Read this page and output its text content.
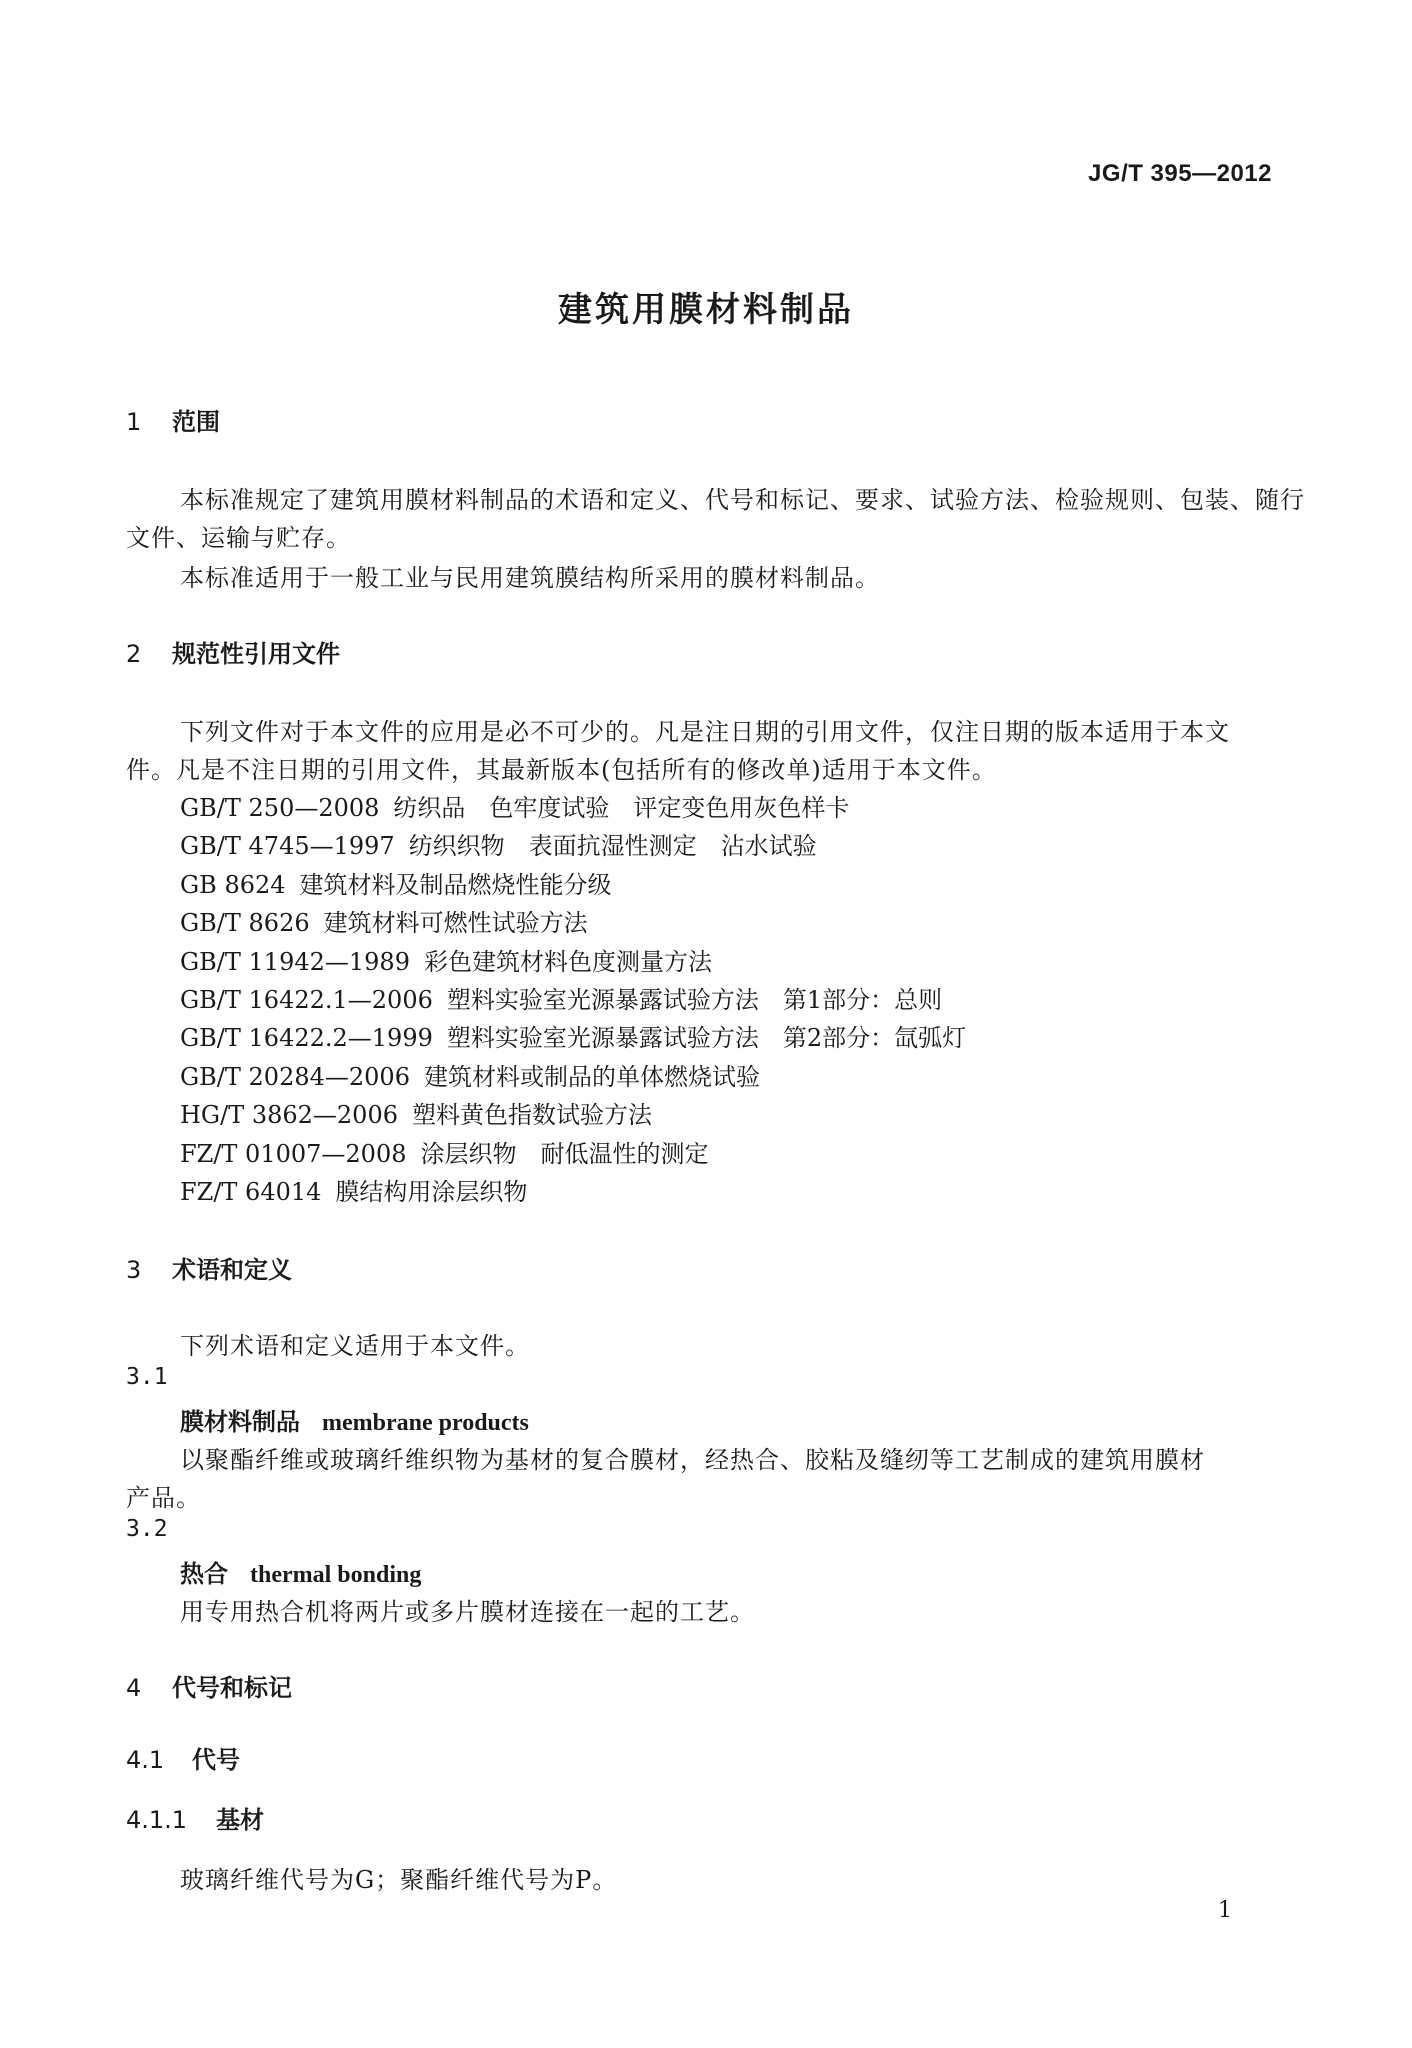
JG/T 395—2012
建筑用膜材料制品
1 范围
本标准规定了建筑用膜材料制品的术语和定义、代号和标记、要求、试验方法、检验规则、包装、随行
文件、运输与贮存。
本标准适用于一般工业与民用建筑膜结构所采用的膜材料制品。
2 规范性引用文件
下列文件对于本文件的应用是必不可少的。凡是注日期的引用文件，仅注日期的版本适用于本文
件。凡是不注日期的引用文件，其最新版本(包括所有的修改单)适用于本文件。
GB/T 250—2008 纺织品　色牢度试验　评定变色用灰色样卡
GB/T 4745—1997 纺织织物　表面抗湿性测定　沾水试验
GB 8624 建筑材料及制品燃烧性能分级
GB/T 8626 建筑材料可燃性试验方法
GB/T 11942—1989 彩色建筑材料色度测量方法
GB/T 16422.1—2006 塑料实验室光源暴露试验方法　第1部分：总则
GB/T 16422.2—1999 塑料实验室光源暴露试验方法　第2部分：氙弧灯
GB/T 20284—2006 建筑材料或制品的单体燃烧试验
HG/T 3862—2006 塑料黄色指数试验方法
FZ/T 01007—2008 涂层织物　耐低温性的测定
FZ/T 64014 膜结构用涂层织物
3 术语和定义
下列术语和定义适用于本文件。
3.1
膜材料制品 membrane products
以聚酯纤维或玻璃纤维织物为基材的复合膜材，经热合、胶粘及缝纫等工艺制成的建筑用膜材
产品。
3.2
热合 thermal bonding
用专用热合机将两片或多片膜材连接在一起的工艺。
4 代号和标记
4.1 代号
4.1.1 基材
玻璃纤维代号为G；聚酯纤维代号为P。
1
